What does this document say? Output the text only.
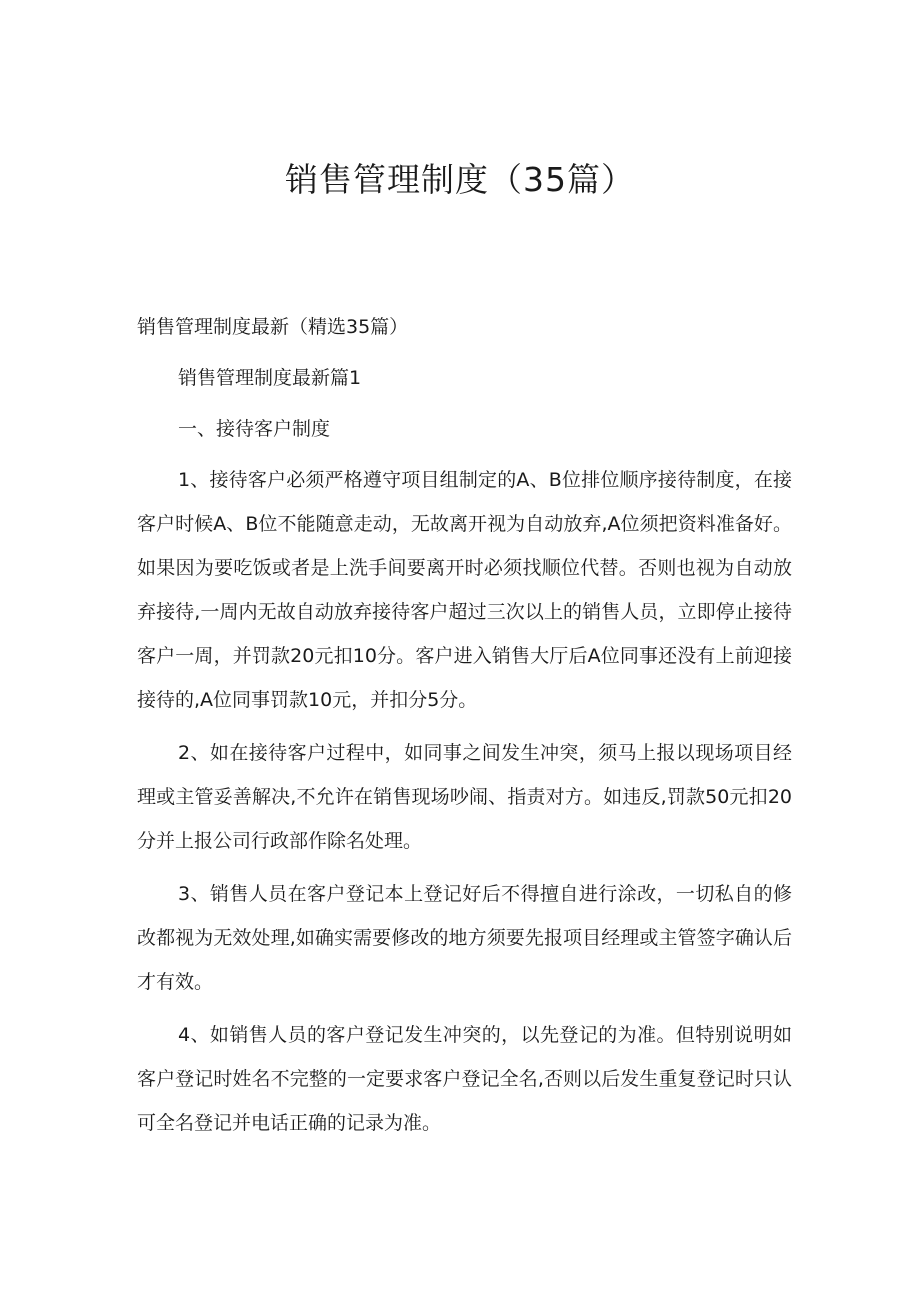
销售管理制度（35篇）

销售管理制度最新（精选35篇）

销售管理制度最新篇1

一、接待客户制度

1、接待客户必须严格遵守项目组制定的A、B位排位顺序接待制度，在接客户时候A、B位不能随意走动，无故离开视为自动放弃,A位须把资料准备好。如果因为要吃饭或者是上洗手间要离开时必须找顺位代替。否则也视为自动放弃接待,一周内无故自动放弃接待客户超过三次以上的销售人员，立即停止接待客户一周，并罚款20元扣10分。客户进入销售大厅后A位同事还没有上前迎接接待的,A位同事罚款10元，并扣分5分。

2、如在接待客户过程中，如同事之间发生冲突，须马上报以现场项目经理或主管妥善解决,不允许在销售现场吵闹、指责对方。如违反,罚款50元扣20分并上报公司行政部作除名处理。

3、销售人员在客户登记本上登记好后不得擅自进行涂改，一切私自的修改都视为无效处理,如确实需要修改的地方须要先报项目经理或主管签字确认后才有效。

4、如销售人员的客户登记发生冲突的，以先登记的为准。但特别说明如客户登记时姓名不完整的一定要求客户登记全名,否则以后发生重复登记时只认可全名登记并电话正确的记录为准。
